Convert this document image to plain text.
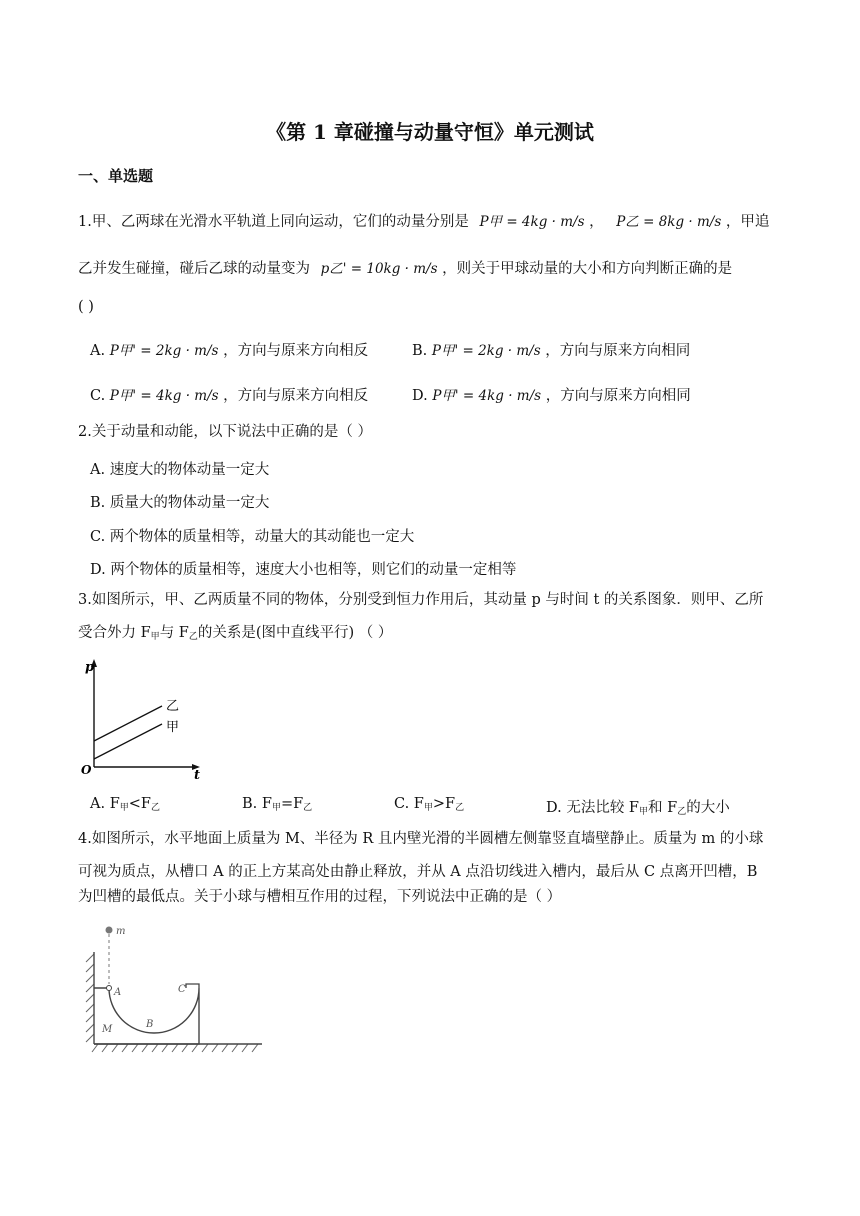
《第 1 章碰撞与动量守恒》单元测试
一、单选题
1.甲、乙两球在光滑水平轨道上同向运动，它们的动量分别是 P甲 = 4kg · m/s ， P乙 = 8kg · m/s ，甲追
乙并发生碰撞，碰后乙球的动量变为 p乙' = 10kg · m/s ，则关于甲球动量的大小和方向判断正确的是
( )
A. P甲' = 2kg · m/s ，方向与原来方向相反	B. P甲' = 2kg · m/s ，方向与原来方向相同
C. P甲' = 4kg · m/s ，方向与原来方向相反	D. P甲' = 4kg · m/s ，方向与原来方向相同
2.关于动量和动能，以下说法中正确的是（ ）
A. 速度大的物体动量一定大
B. 质量大的物体动量一定大
C. 两个物体的质量相等，动量大的其动能也一定大
D. 两个物体的质量相等，速度大小也相等，则它们的动量一定相等
3.如图所示，甲、乙两质量不同的物体，分别受到恒力作用后，其动量 p 与时间 t 的关系图象．则甲、乙所
受合外力 F甲与 F乙的关系是(图中直线平行) （ ）
p
t
O
乙
甲
A. F甲<F乙	B. F甲=F乙	C. F甲>F乙	D. 无法比较 F甲和 F乙的大小
4.如图所示，水平地面上质量为 M、半径为 R 且内壁光滑的半圆槽左侧靠竖直墙壁静止。质量为 m 的小球
可视为质点，从槽口 A 的正上方某高处由静止释放，并从 A 点沿切线进入槽内，最后从 C 点离开凹槽，B
为凹槽的最低点。关于小球与槽相互作用的过程，下列说法中正确的是（ ）
m
A
B
C
M
